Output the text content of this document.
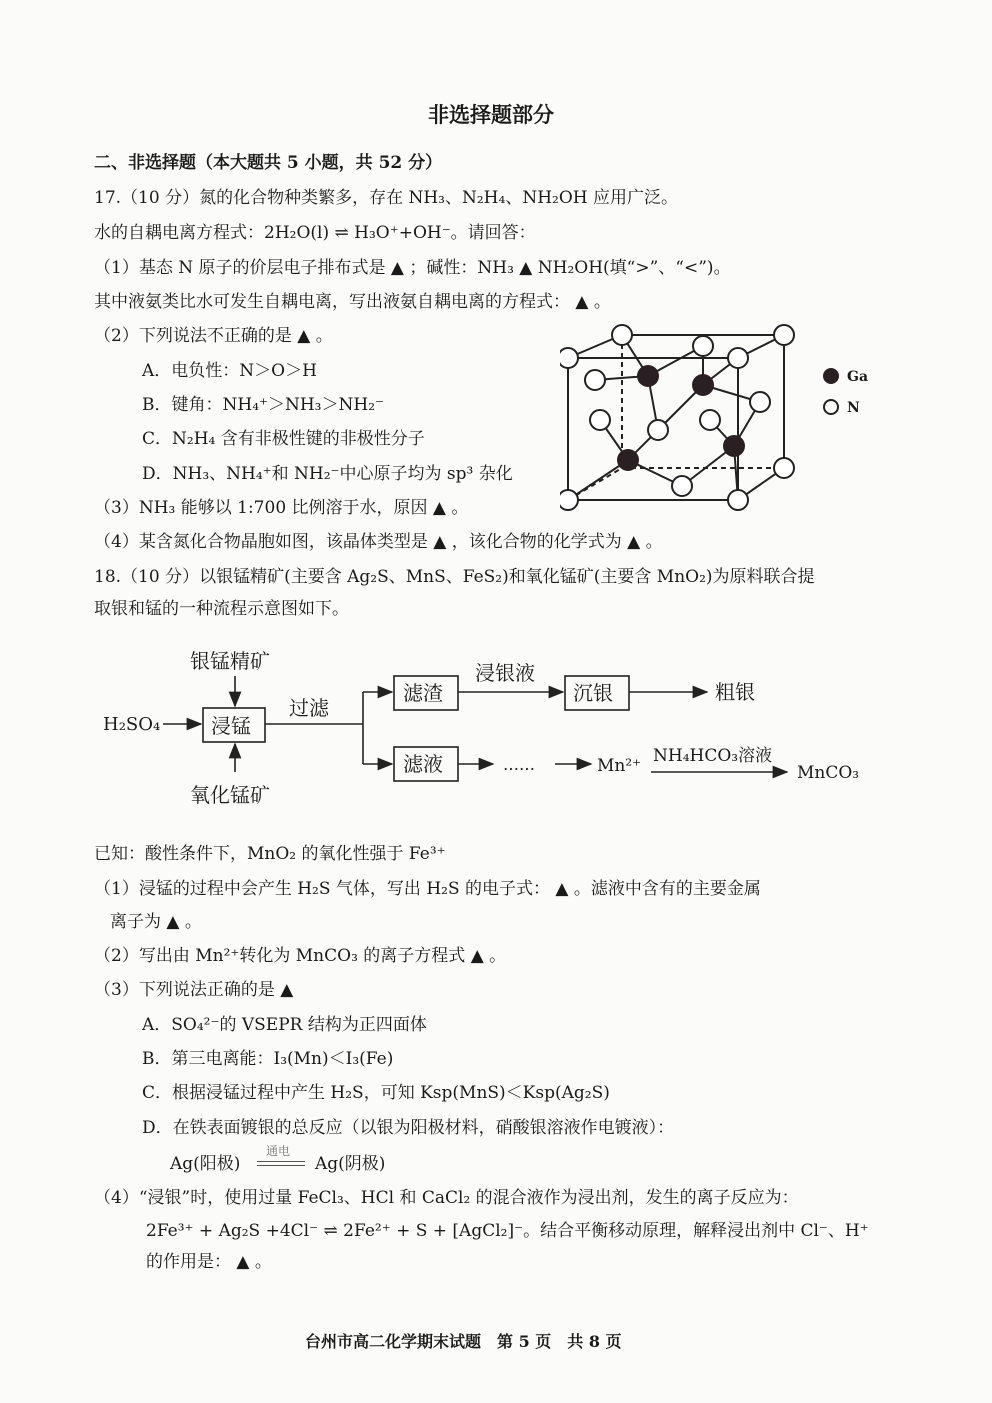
非选择题部分
二、非选择题（本大题共 5 小题，共 52 分）
17.（10 分）氮的化合物种类繁多，存在 NH₃、N₂H₄、NH₂OH 应用广泛。
水的自耦电离方程式：2H₂O(l) ⇌ H₃O⁺+OH⁻。请回答：
（1）基态 N 原子的价层电子排布式是 ▲ ；碱性：NH₃ ▲ NH₂OH(填“>”、“<”)。
其中液氨类比水可发生自耦电离，写出液氨自耦电离的方程式： ▲ 。
（2）下列说法不正确的是 ▲ 。
A．电负性：N＞O＞H
B．键角：NH₄⁺＞NH₃＞NH₂⁻
C．N₂H₄ 含有非极性键的非极性分子
D．NH₃、NH₄⁺和 NH₂⁻中心原子均为 sp³ 杂化
（3）NH₃ 能够以 1:700 比例溶于水，原因 ▲ 。
（4）某含氮化合物晶胞如图，该晶体类型是 ▲ ，该化合物的化学式为 ▲ 。
Ga
N
18.（10 分）以银锰精矿(主要含 Ag₂S、MnS、FeS₂)和氧化锰矿(主要含 MnO₂)为原料联合提
取银和锰的一种流程示意图如下。
银锰精矿
H₂SO₄	浸锰
氧化锰矿
过滤
滤渣
浸银液
沉银	粗银
滤液	……	Mn²⁺ NH₄HCO₃溶液
MnCO₃
已知：酸性条件下，MnO₂ 的氧化性强于 Fe³⁺
（1）浸锰的过程中会产生 H₂S 气体，写出 H₂S 的电子式： ▲ 。滤液中含有的主要金属
离子为 ▲ 。
（2）写出由 Mn²⁺转化为 MnCO₃ 的离子方程式 ▲ 。
（3）下列说法正确的是 ▲
A．SO₄²⁻的 VSEPR 结构为正四面体
B．第三电离能：I₃(Mn)＜I₃(Fe)
C．根据浸锰过程中产生 H₂S，可知 Ksp(MnS)＜Ksp(Ag₂S)
D．在铁表面镀银的总反应（以银为阳极材料，硝酸银溶液作电镀液）：
Ag(阳极)
通电
Ag(阴极)
（4）“浸银”时，使用过量 FeCl₃、HCl 和 CaCl₂ 的混合液作为浸出剂，发生的离子反应为：
2Fe³⁺ + Ag₂S +4Cl⁻ ⇌ 2Fe²⁺ + S + [AgCl₂]⁻。结合平衡移动原理，解释浸出剂中 Cl⁻、H⁺
的作用是： ▲ 。
台州市高二化学期末试题　第 5 页　共 8 页
